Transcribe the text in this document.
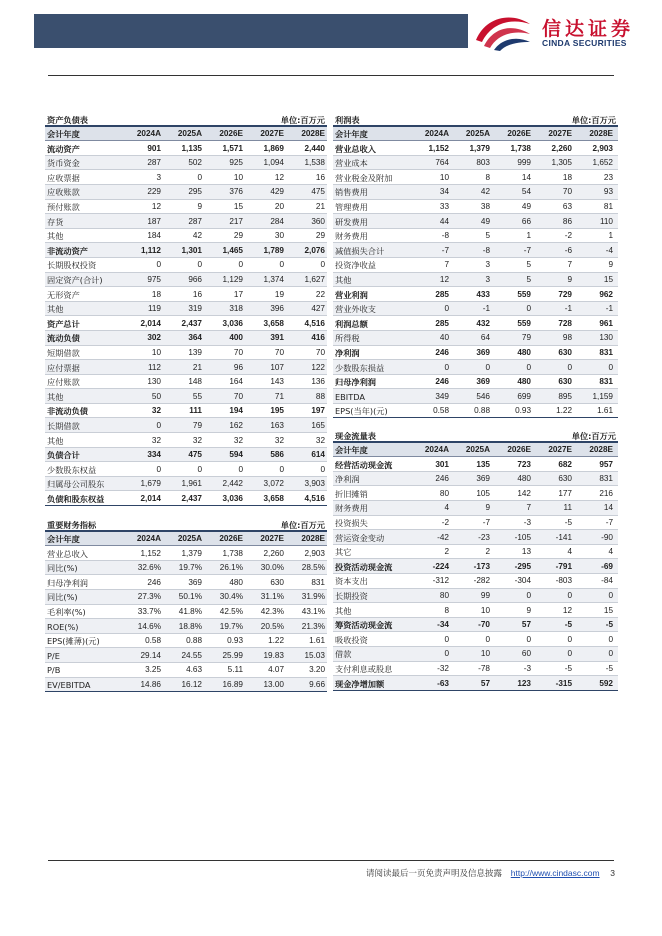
信达证券
CINDA SECURITIES
资产负债表	单位:百万元
会计年度	2024A	2025A	2026E	2027E	2028E
流动资产	901	1,135	1,571	1,869	2,440
货币资金	287	502	925	1,094	1,538
应收票据	3	0	10	12	16
应收账款	229	295	376	429	475
预付账款	12	9	15	20	21
存货	187	287	217	284	360
其他	184	42	29	30	29
非流动资产	1,112	1,301	1,465	1,789	2,076
长期股权投资	0	0	0	0	0
固定资产(合计)	975	966	1,129	1,374	1,627
无形资产	18	16	17	19	22
其他	119	319	318	396	427
资产总计	2,014	2,437	3,036	3,658	4,516
流动负债	302	364	400	391	416
短期借款	10	139	70	70	70
应付票据	112	21	96	107	122
应付账款	130	148	164	143	136
其他	50	55	70	71	88
非流动负债	32	111	194	195	197
长期借款	0	79	162	163	165
其他	32	32	32	32	32
负债合计	334	475	594	586	614
少数股东权益	0	0	0	0	0
归属母公司股东	1,679	1,961	2,442	3,072	3,903
负债和股东权益	2,014	2,437	3,036	3,658	4,516
重要财务指标	单位:百万元
会计年度	2024A	2025A	2026E	2027E	2028E
营业总收入	1,152	1,379	1,738	2,260	2,903
同比(%)	32.6%	19.7%	26.1%	30.0%	28.5%
归母净利润	246	369	480	630	831
同比(%)	27.3%	50.1%	30.4%	31.1%	31.9%
毛利率(%)	33.7%	41.8%	42.5%	42.3%	43.1%
ROE(%)	14.6%	18.8%	19.7%	20.5%	21.3%
EPS(摊薄)(元)	0.58	0.88	0.93	1.22	1.61
P/E	29.14	24.55	25.99	19.83	15.03
P/B	3.25	4.63	5.11	4.07	3.20
EV/EBITDA	14.86	16.12	16.89	13.00	9.66
利润表	单位:百万元
会计年度	2024A	2025A	2026E	2027E	2028E
营业总收入	1,152	1,379	1,738	2,260	2,903
营业成本	764	803	999	1,305	1,652
营业税金及附加	10	8	14	18	23
销售费用	34	42	54	70	93
管理费用	33	38	49	63	81
研发费用	44	49	66	86	110
财务费用	-8	5	1	-2	1
减值损失合计	-7	-8	-7	-6	-4
投资净收益	7	3	5	7	9
其他	12	3	5	9	15
营业利润	285	433	559	729	962
营业外收支	0	-1	0	-1	-1
利润总额	285	432	559	728	961
所得税	40	64	79	98	130
净利润	246	369	480	630	831
少数股东损益	0	0	0	0	0
归母净利润	246	369	480	630	831
EBITDA	349	546	699	895	1,159
EPS(当年)(元)	0.58	0.88	0.93	1.22	1.61
现金流量表	单位:百万元
会计年度	2024A	2025A	2026E	2027E	2028E
经营活动现金流	301	135	723	682	957
净利润	246	369	480	630	831
折旧摊销	80	105	142	177	216
财务费用	4	9	7	11	14
投资损失	-2	-7	-3	-5	-7
营运资金变动	-42	-23	-105	-141	-90
其它	2	2	13	4	4
投资活动现金流	-224	-173	-295	-791	-69
资本支出	-312	-282	-304	-803	-84
长期投资	80	99	0	0	0
其他	8	10	9	12	15
筹资活动现金流	-34	-70	57	-5	-5
吸收投资	0	0	0	0	0
借款	0	10	60	0	0
支付利息或股息	-32	-78	-3	-5	-5
现金净增加额	-63	57	123	-315	592
请阅读最后一页免责声明及信息披露 http://www.cindasc.com 3
